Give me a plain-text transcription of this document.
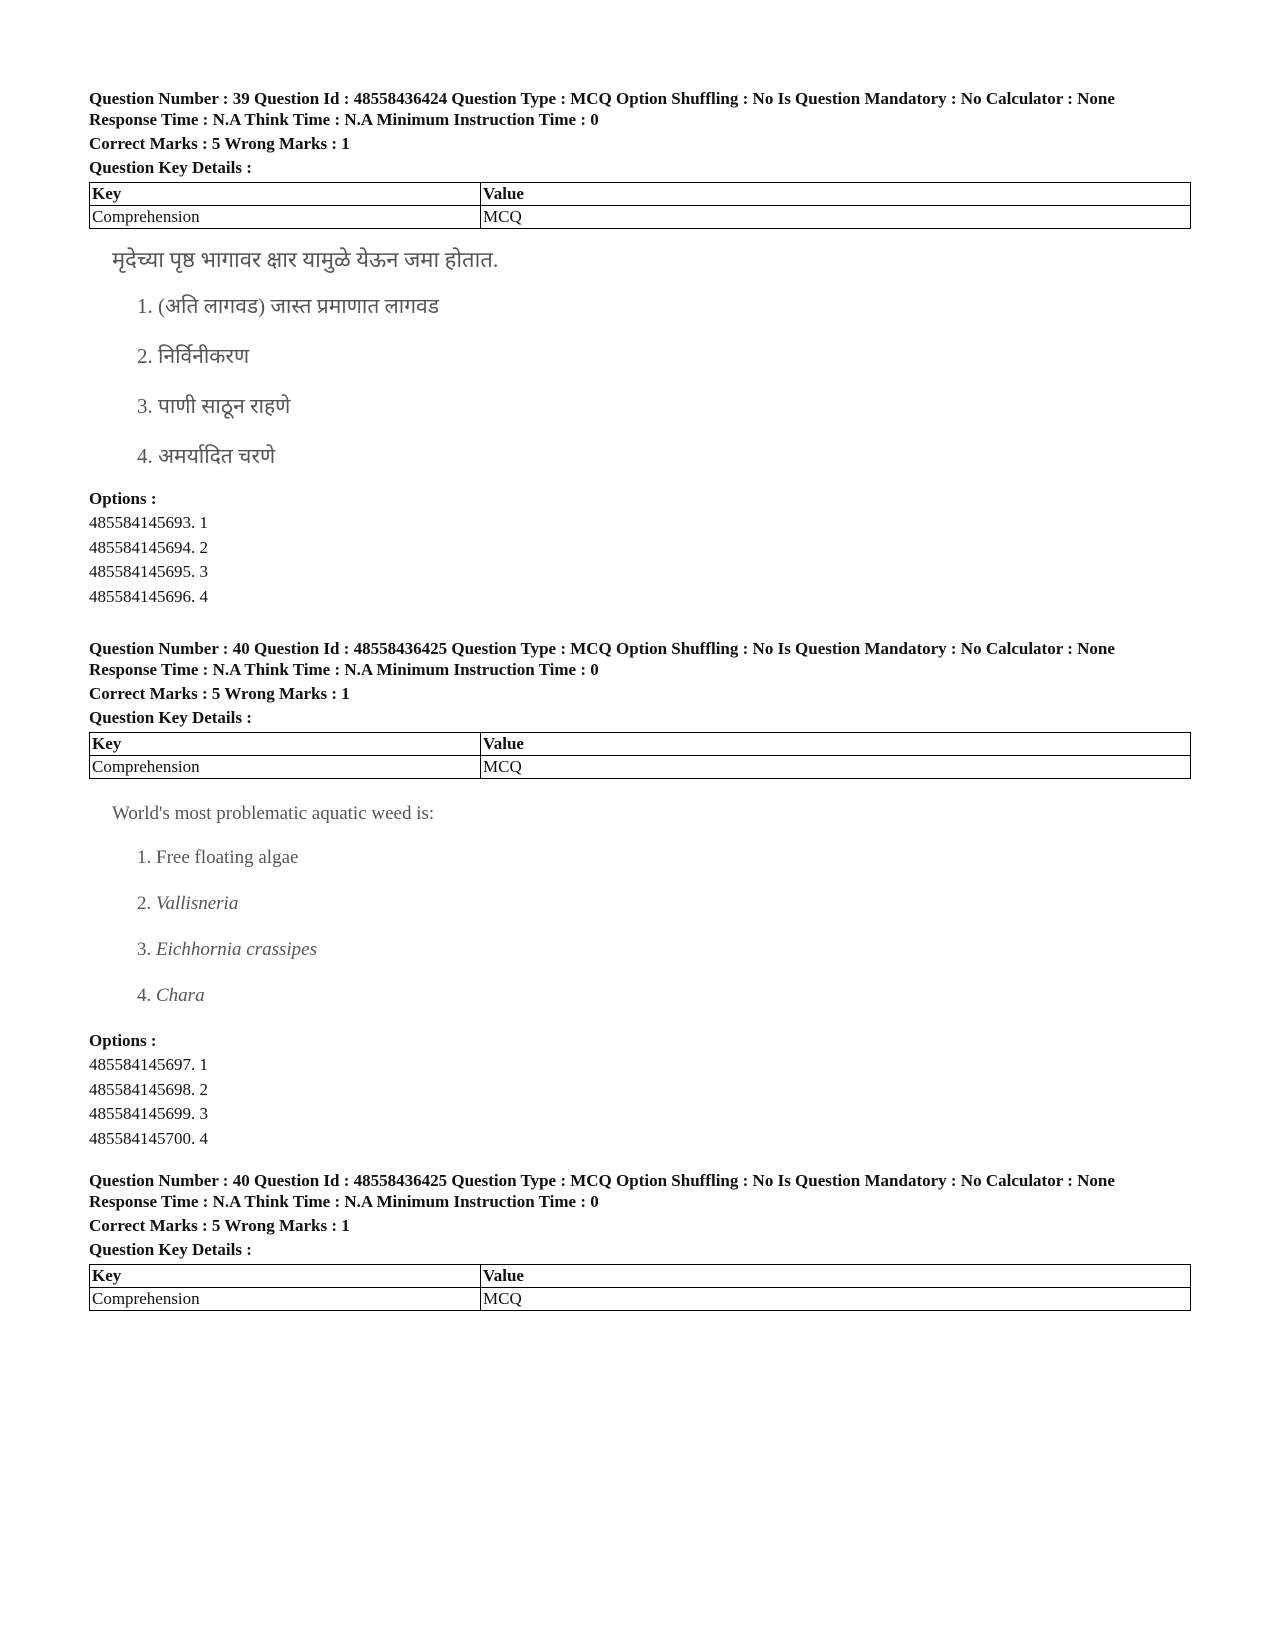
Question Number : 39 Question Id : 48558436424 Question Type : MCQ Option Shuffling : No Is Question Mandatory : No Calculator : None

Response Time : N.A Think Time : N.A Minimum Instruction Time : 0

Correct Marks : 5 Wrong Marks : 1

Question Key Details :

Key	Value
Comprehension	MCQ
मृदेच्या पृष्ठ भागावर क्षार यामुळे येऊन जमा होतात.
1. (अति लागवड) जास्त प्रमाणात लागवड
2. निर्विनीकरण
3. पाणी साठून राहणे
4. अमर्यादित चरणे
Options :
485584145693. 1
485584145694. 2
485584145695. 3
485584145696. 4

Question Number : 40 Question Id : 48558436425 Question Type : MCQ Option Shuffling : No Is Question Mandatory : No Calculator : None

Response Time : N.A Think Time : N.A Minimum Instruction Time : 0

Correct Marks : 5 Wrong Marks : 1

Question Key Details :

Key	Value
Comprehension	MCQ
World's most problematic aquatic weed is:
1. Free floating algae
2. Vallisneria
3. Eichhornia crassipes
4. Chara
Options :
485584145697. 1
485584145698. 2
485584145699. 3
485584145700. 4

Question Number : 40 Question Id : 48558436425 Question Type : MCQ Option Shuffling : No Is Question Mandatory : No Calculator : None

Response Time : N.A Think Time : N.A Minimum Instruction Time : 0

Correct Marks : 5 Wrong Marks : 1

Question Key Details :

Key	Value
Comprehension	MCQ
